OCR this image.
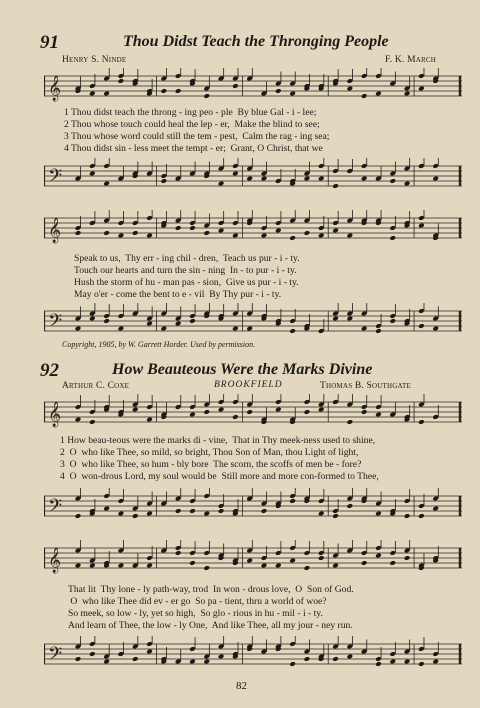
91	Thou Didst Teach the Thronging People
Henry S. Ninde	F. K. March
𝄞
1 Thou didst teach the throng - ing peo - ple  By blue Gal - i - lee;
2 Thou whose touch could heal the lep - er,  Make the blind to see;
3 Thou whose word could still the tem - pest,  Calm the rag - ing sea;
4 Thou didst sin - less meet the tempt - er;  Grant, O Christ, that we
𝄢
𝄞
Speak to us,  Thy err - ing chil - dren,  Teach us pur - i - ty.
Touch our hearts and turn the sin - ning  In - to pur - i - ty.
Hush the storm of hu - man pas - sion,  Give us pur - i - ty.
May o'er - come the bent to e - vil  By Thy pur - i - ty.
𝄢
Copyright, 1905, by W. Garrett Horder. Used by permission.
92	How Beauteous Were the Marks Divine
Arthur C. Coxe	BROOKFIELD	Thomas B. Southgate
𝄞
1 How beau-teous were the marks di - vine,  That in Thy meek-ness used to shine,
2  O  who like Thee, so mild, so bright, Thou Son of Man, thou Light of light,
3  O  who like Thee, so hum - bly bore  The scorn, the scoffs of men be - fore?
4  O  won-drous Lord, my soul would be  Still more and more con-formed to Thee,
𝄢
𝄞
That lit  Thy lone - ly path-way, trod  In won - drous love,  O  Son of God.
O  who like Thee did ev - er go  So pa - tient, thru a world of woe?
So meek, so low - ly, yet so high,  So glo - rious in hu - mil - i - ty.
And learn of Thee, the low - ly One,  And like Thee, all my jour - ney run.
𝄢
82
